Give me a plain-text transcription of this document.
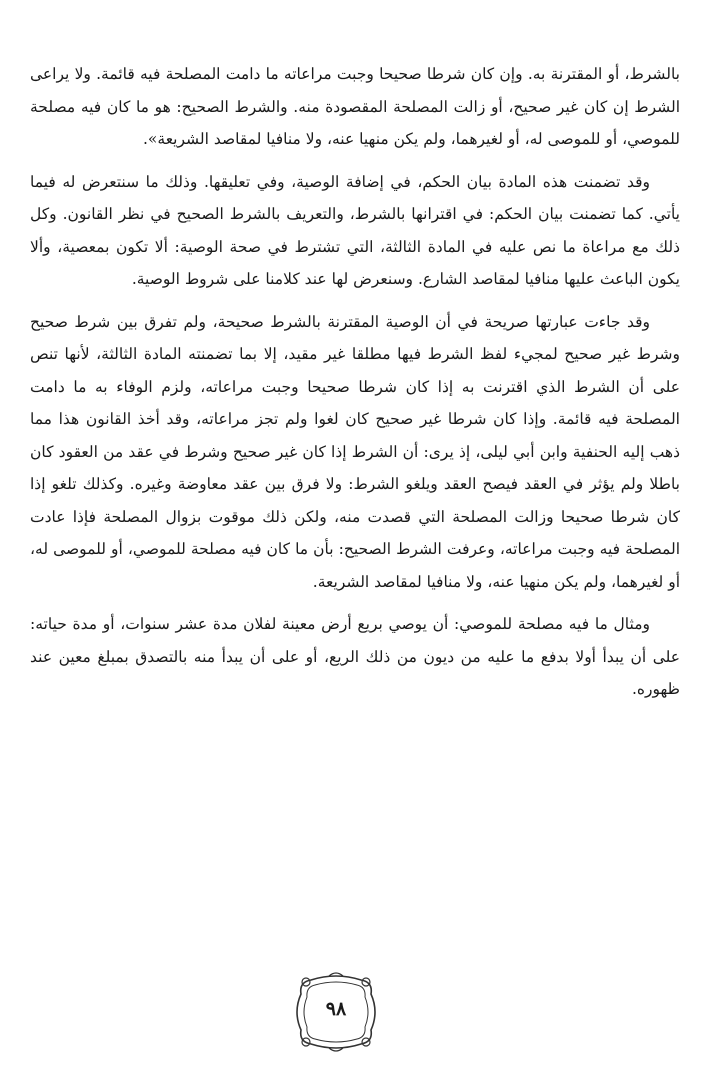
بالشرط، أو المقترنة به. وإن كان شرطا صحيحا وجبت مراعاته ما دامت المصلحة فيه قائمة. ولا يراعى الشرط إن كان غير صحيح، أو زالت المصلحة المقصودة منه. والشرط الصحيح: هو ما كان فيه مصلحة للموصي، أو للموصى له، أو لغيرهما، ولم يكن منهيا عنه، ولا منافيا لمقاصد الشريعة».

وقد تضمنت هذه المادة بيان الحكم، في إضافة الوصية، وفي تعليقها. وذلك ما سنتعرض له فيما يأتي. كما تضمنت بيان الحكم: في اقترانها بالشرط، والتعريف بالشرط الصحيح في نظر القانون. وكل ذلك مع مراعاة ما نص عليه في المادة الثالثة، التي تشترط في صحة الوصية: ألا تكون بمعصية، وألا يكون الباعث عليها منافيا لمقاصد الشارع. وسنعرض لها عند كلامنا على شروط الوصية.

وقد جاءت عبارتها صريحة في أن الوصية المقترنة بالشرط صحيحة، ولم تفرق بين شرط صحيح وشرط غير صحيح لمجيء لفظ الشرط فيها مطلقا غير مقيد، إلا بما تضمنته المادة الثالثة، لأنها تنص على أن الشرط الذي اقترنت به إذا كان شرطا صحيحا وجبت مراعاته، ولزم الوفاء به ما دامت المصلحة فيه قائمة. وإذا كان شرطا غير صحيح كان لغوا ولم تجز مراعاته، وقد أخذ القانون هذا مما ذهب إليه الحنفية وابن أبي ليلى، إذ يرى: أن الشرط إذا كان غير صحيح وشرط في عقد من العقود كان باطلا ولم يؤثر في العقد فيصح العقد ويلغو الشرط: ولا فرق بين عقد معاوضة وغيره. وكذلك تلغو إذا كان شرطا صحيحا وزالت المصلحة التي قصدت منه، ولكن ذلك موقوت بزوال المصلحة فإذا عادت المصلحة فيه وجبت مراعاته، وعرفت الشرط الصحيح: بأن ما كان فيه مصلحة للموصي، أو للموصى له، أو لغيرهما، ولم يكن منهيا عنه، ولا منافيا لمقاصد الشريعة.

ومثال ما فيه مصلحة للموصي: أن يوصي بريع أرض معينة لفلان مدة عشر سنوات، أو مدة حياته: على أن يبدأ أولا بدفع ما عليه من ديون من ذلك الريع، أو على أن يبدأ منه بالتصدق بمبلغ معين عند ظهوره.

٩٨
